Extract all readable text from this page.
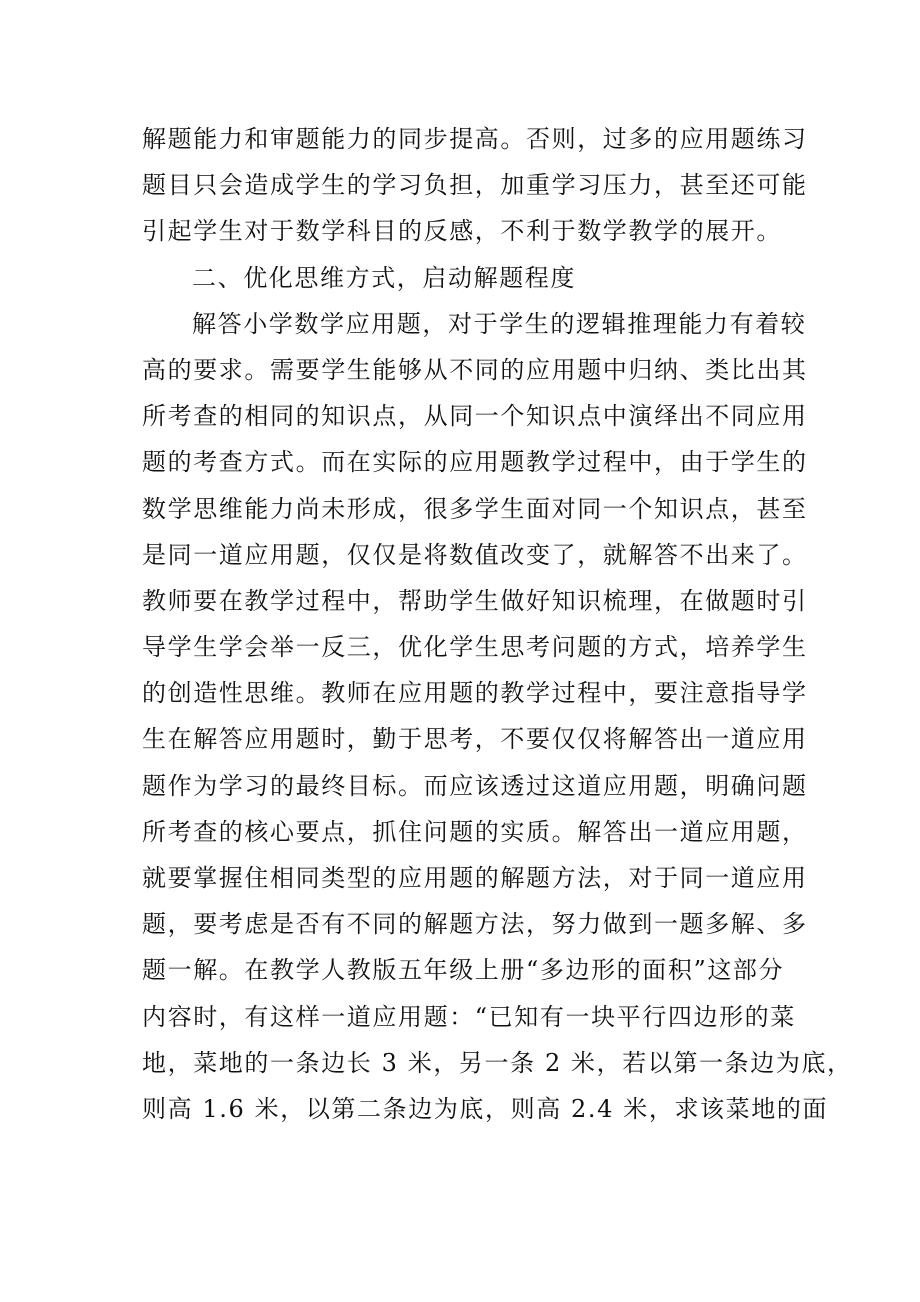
解题能力和审题能力的同步提高。否则，过多的应用题练习
题目只会造成学生的学习负担，加重学习压力，甚至还可能
引起学生对于数学科目的反感，不利于数学教学的展开。
二、优化思维方式，启动解题程度
解答小学数学应用题，对于学生的逻辑推理能力有着较
高的要求。需要学生能够从不同的应用题中归纳、类比出其
所考查的相同的知识点，从同一个知识点中演绎出不同应用
题的考查方式。而在实际的应用题教学过程中，由于学生的
数学思维能力尚未形成，很多学生面对同一个知识点，甚至
是同一道应用题，仅仅是将数值改变了，就解答不出来了。
教师要在教学过程中，帮助学生做好知识梳理，在做题时引
导学生学会举一反三，优化学生思考问题的方式，培养学生
的创造性思维。教师在应用题的教学过程中，要注意指导学
生在解答应用题时，勤于思考，不要仅仅将解答出一道应用
题作为学习的最终目标。而应该透过这道应用题，明确问题
所考查的核心要点，抓住问题的实质。解答出一道应用题，
就要掌握住相同类型的应用题的解题方法，对于同一道应用
题，要考虑是否有不同的解题方法，努力做到一题多解、多
题一解。在教学人教版五年级上册“多边形的面积”这部分
内容时，有这样一道应用题：“已知有一块平行四边形的菜
地，菜地的一条边长 3 米，另一条 2 米，若以第一条边为底，
则高 1.6 米，以第二条边为底，则高 2.4 米，求该菜地的面
